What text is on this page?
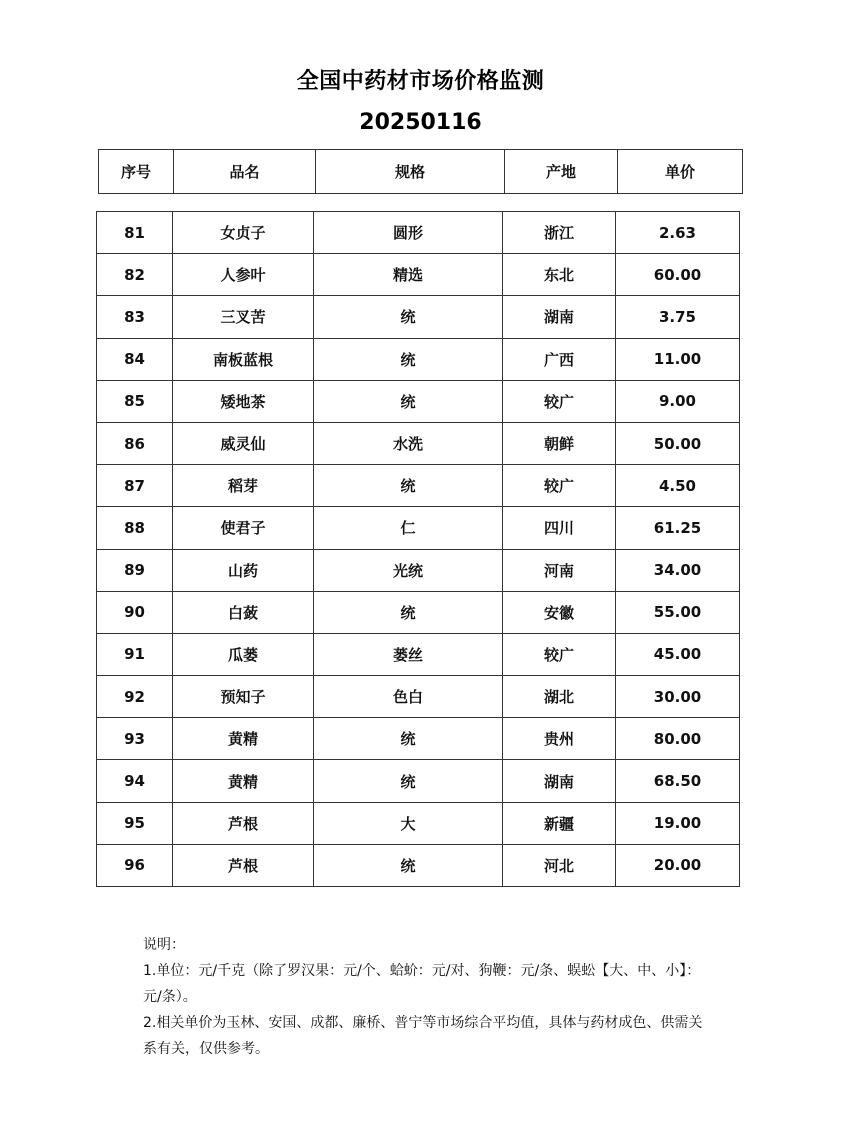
全国中药材市场价格监测
20250116
序号	品名	规格	产地	单价
81	女贞子	圆形	浙江	2.63
82	人参叶	精选	东北	60.00
83	三叉苦	统	湖南	3.75
84	南板蓝根	统	广西	11.00
85	矮地茶	统	较广	9.00
86	威灵仙	水洗	朝鲜	50.00
87	稻芽	统	较广	4.50
88	使君子	仁	四川	61.25
89	山药	光统	河南	34.00
90	白蔹	统	安徽	55.00
91	瓜蒌	蒌丝	较广	45.00
92	预知子	色白	湖北	30.00
93	黄精	统	贵州	80.00
94	黄精	统	湖南	68.50
95	芦根	大	新疆	19.00
96	芦根	统	河北	20.00

说明：

1.单位：元/千克（除了罗汉果：元/个、蛤蚧：元/对、狗鞭：元/条、蜈蚣【大、中、小】：元/条）。

2.相关单价为玉林、安国、成都、廉桥、普宁等市场综合平均值，具体与药材成色、供需关系有关，仅供参考。
